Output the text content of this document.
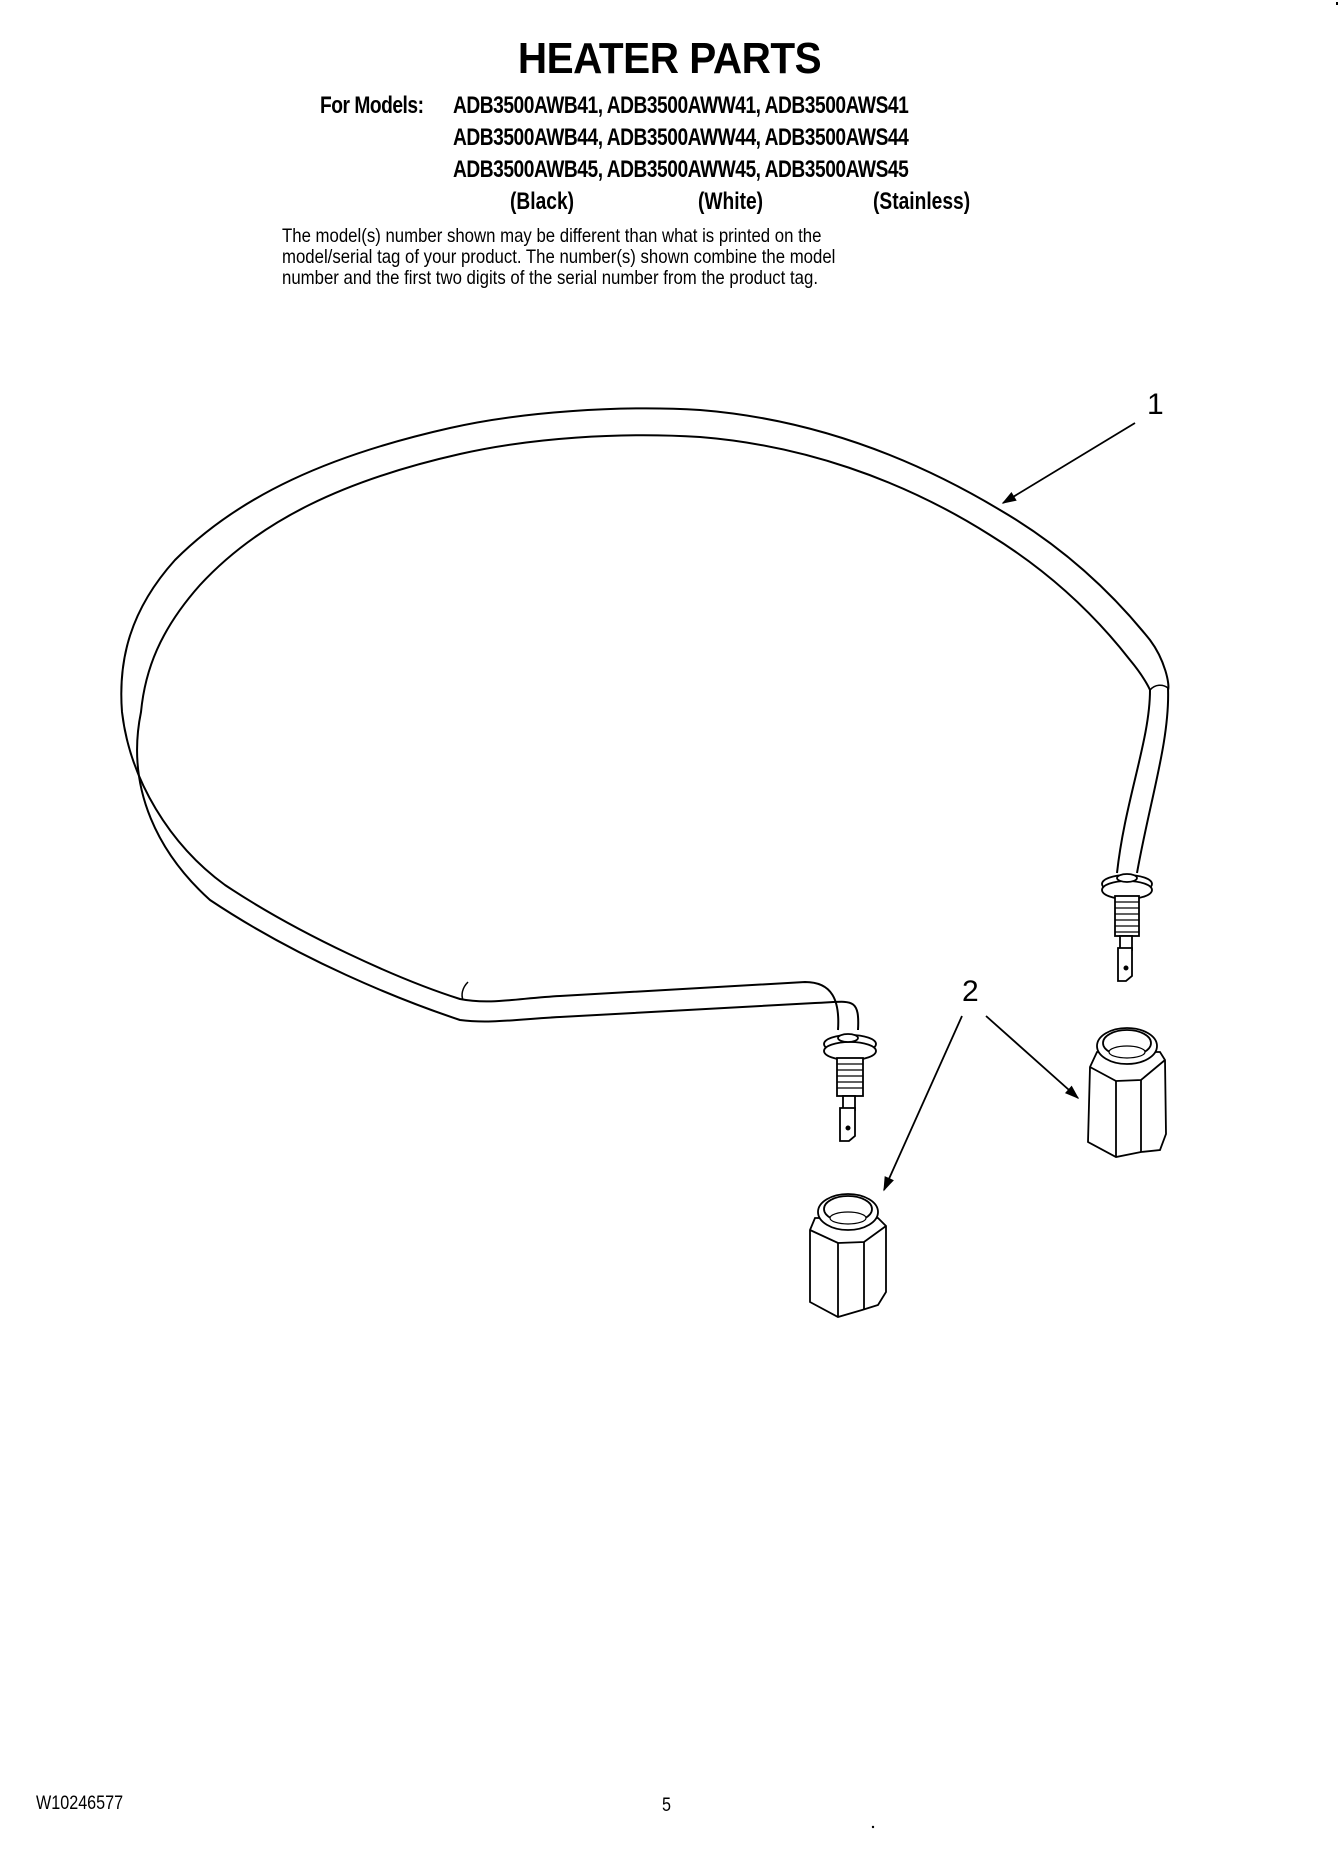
HEATER PARTS
For Models: ADB3500AWB41, ADB3500AWW41, ADB3500AWS41
ADB3500AWB44, ADB3500AWW44, ADB3500AWS44
ADB3500AWB45, ADB3500AWW45, ADB3500AWS45
(Black)	(White)	(Stainless)
The model(s) number shown may be different than what is printed on the
model/serial tag of your product. The number(s) shown combine the model
number and the first two digits of the serial number from the product tag.
1
2
W10246577	5
